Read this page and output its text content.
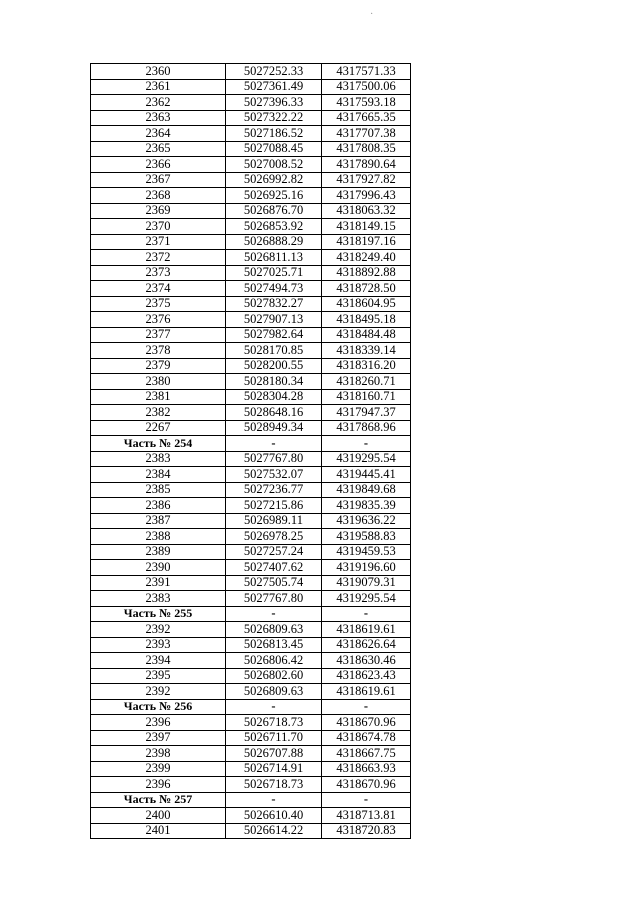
·
2360	5027252.33	4317571.33
2361	5027361.49	4317500.06
2362	5027396.33	4317593.18
2363	5027322.22	4317665.35
2364	5027186.52	4317707.38
2365	5027088.45	4317808.35
2366	5027008.52	4317890.64
2367	5026992.82	4317927.82
2368	5026925.16	4317996.43
2369	5026876.70	4318063.32
2370	5026853.92	4318149.15
2371	5026888.29	4318197.16
2372	5026811.13	4318249.40
2373	5027025.71	4318892.88
2374	5027494.73	4318728.50
2375	5027832.27	4318604.95
2376	5027907.13	4318495.18
2377	5027982.64	4318484.48
2378	5028170.85	4318339.14
2379	5028200.55	4318316.20
2380	5028180.34	4318260.71
2381	5028304.28	4318160.71
2382	5028648.16	4317947.37
2267	5028949.34	4317868.96
Часть № 254	-	-
2383	5027767.80	4319295.54
2384	5027532.07	4319445.41
2385	5027236.77	4319849.68
2386	5027215.86	4319835.39
2387	5026989.11	4319636.22
2388	5026978.25	4319588.83
2389	5027257.24	4319459.53
2390	5027407.62	4319196.60
2391	5027505.74	4319079.31
2383	5027767.80	4319295.54
Часть № 255	-	-
2392	5026809.63	4318619.61
2393	5026813.45	4318626.64
2394	5026806.42	4318630.46
2395	5026802.60	4318623.43
2392	5026809.63	4318619.61
Часть № 256	-	-
2396	5026718.73	4318670.96
2397	5026711.70	4318674.78
2398	5026707.88	4318667.75
2399	5026714.91	4318663.93
2396	5026718.73	4318670.96
Часть № 257	-	-
2400	5026610.40	4318713.81
2401	5026614.22	4318720.83
